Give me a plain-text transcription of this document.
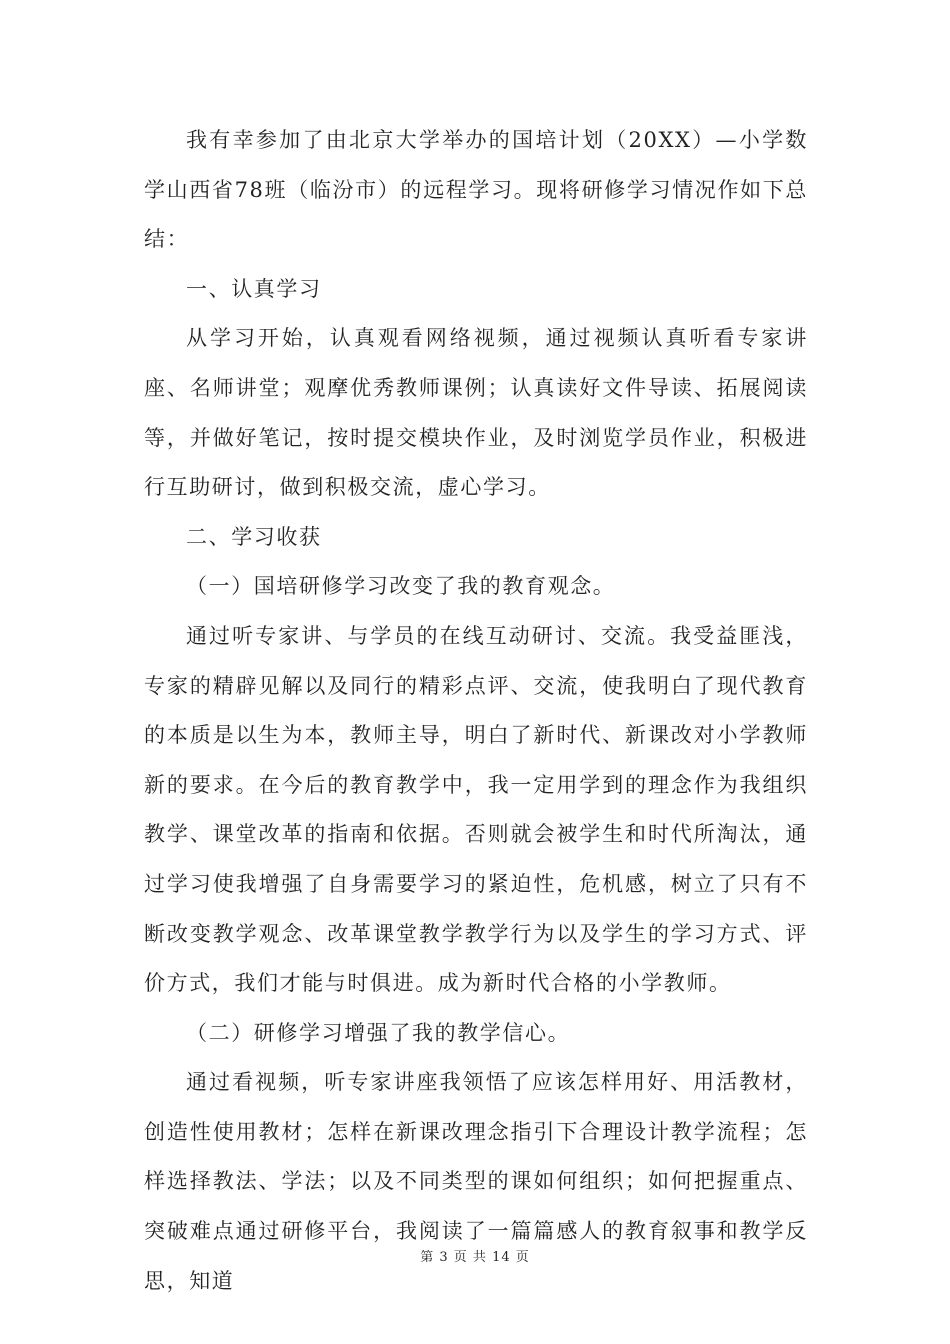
我有幸参加了由北京大学举办的国培计划（20XX）—小学数学山西省78班（临汾市）的远程学习。现将研修学习情况作如下总结：

一、认真学习

从学习开始，认真观看网络视频，通过视频认真听看专家讲座、名师讲堂；观摩优秀教师课例；认真读好文件导读、拓展阅读等，并做好笔记，按时提交模块作业，及时浏览学员作业，积极进行互助研讨，做到积极交流，虚心学习。

二、学习收获

（一）国培研修学习改变了我的教育观念。

通过听专家讲、与学员的在线互动研讨、交流。我受益匪浅，专家的精辟见解以及同行的精彩点评、交流，使我明白了现代教育的本质是以生为本，教师主导，明白了新时代、新课改对小学教师新的要求。在今后的教育教学中，我一定用学到的理念作为我组织教学、课堂改革的指南和依据。否则就会被学生和时代所淘汰，通过学习使我增强了自身需要学习的紧迫性，危机感，树立了只有不断改变教学观念、改革课堂教学教学行为以及学生的学习方式、评价方式，我们才能与时俱进。成为新时代合格的小学教师。

（二）研修学习增强了我的教学信心。

通过看视频，听专家讲座我领悟了应该怎样用好、用活教材，创造性使用教材；怎样在新课改理念指引下合理设计教学流程；怎样选择教法、学法；以及不同类型的课如何组织；如何把握重点、突破难点通过研修平台，我阅读了一篇篇感人的教育叙事和教学反思，知道

第 3 页 共 14 页
